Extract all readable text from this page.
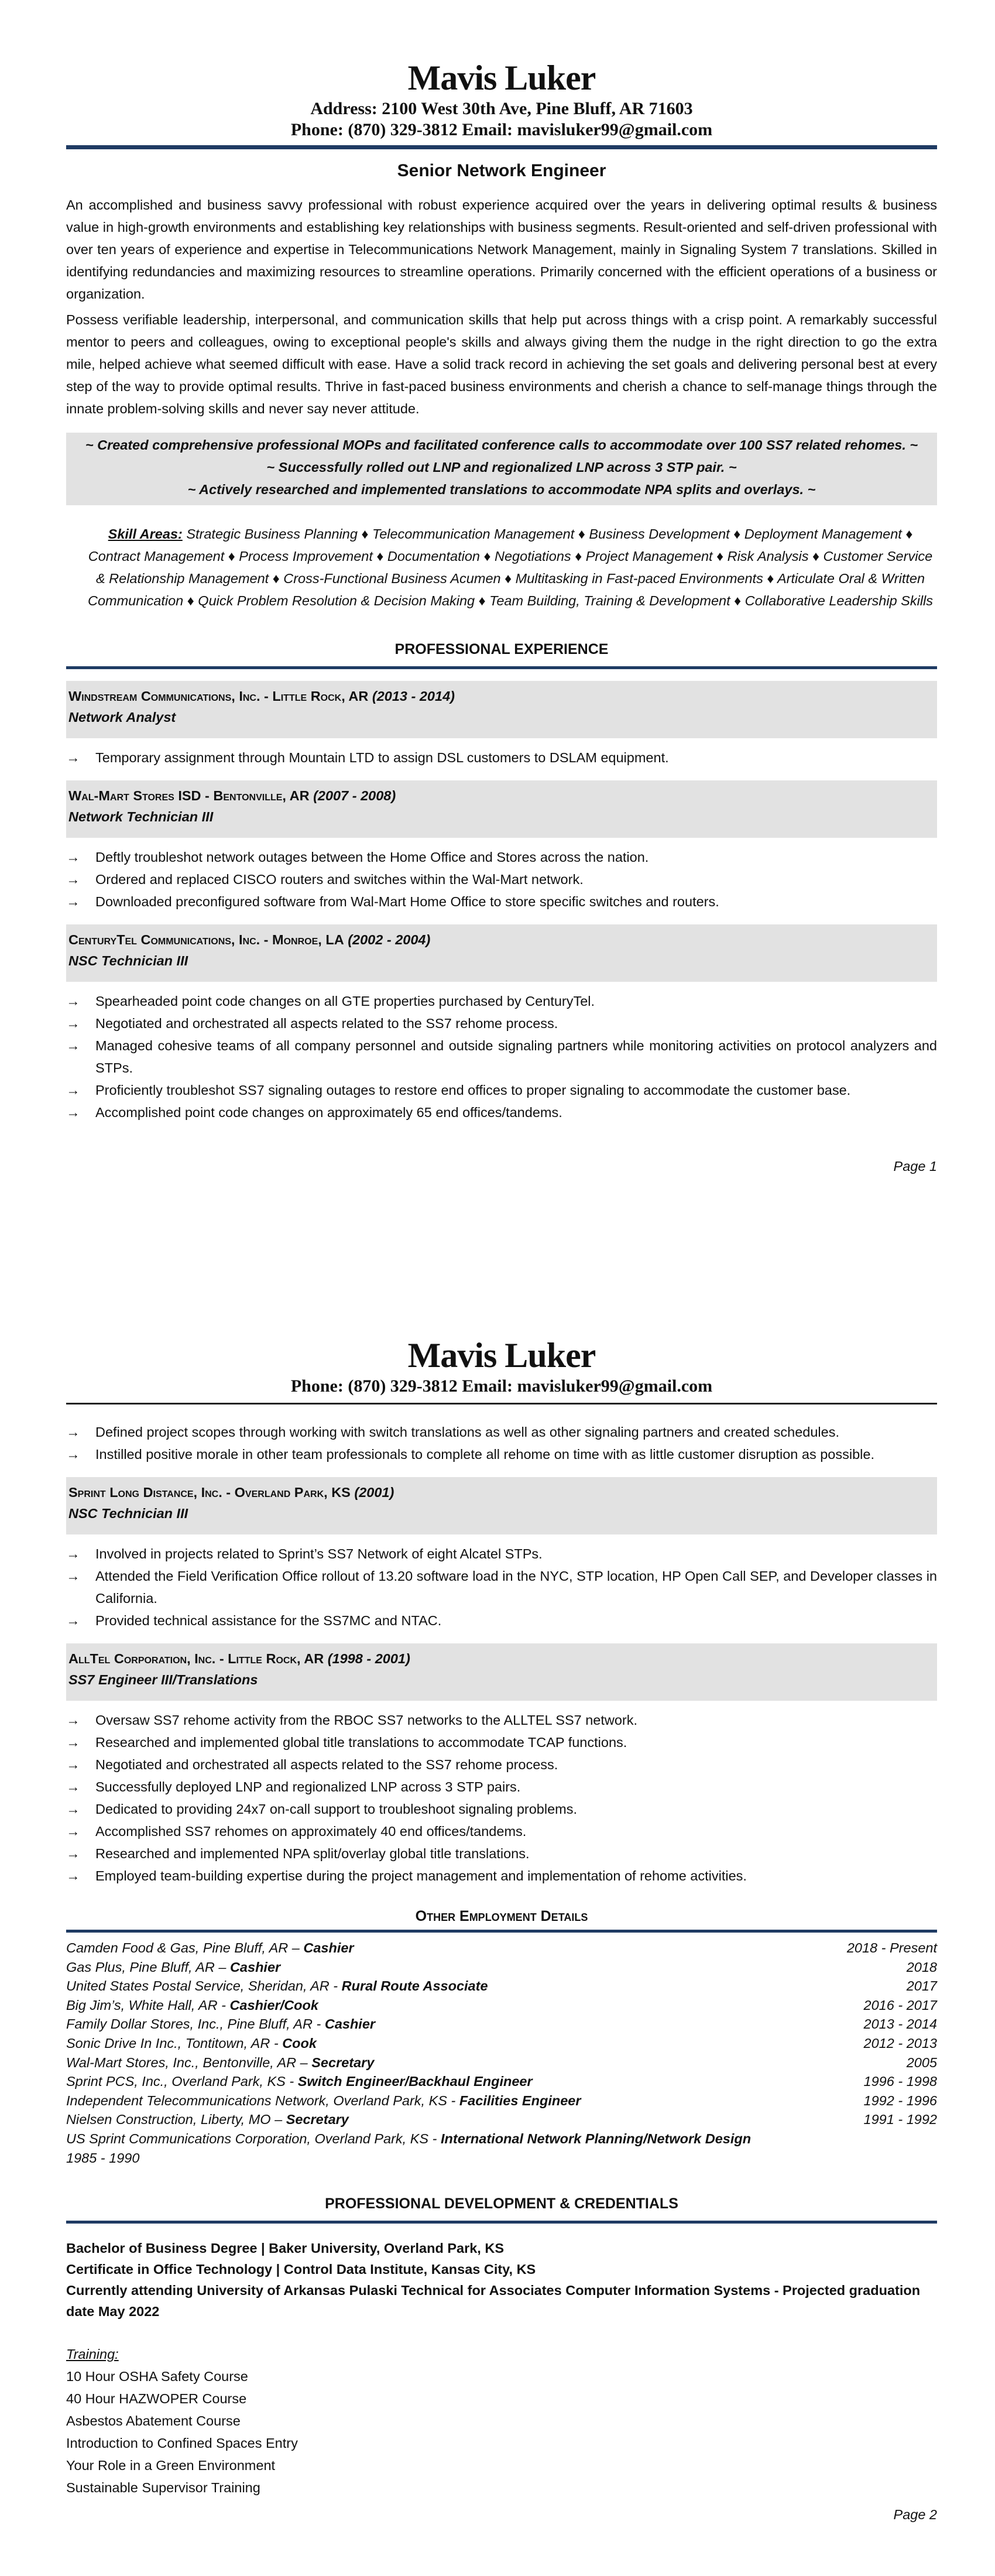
Mavis Luker
Address: 2100 West 30th Ave, Pine Bluff, AR 71603
Phone: (870) 329-3812 Email: mavisluker99@gmail.com
Senior Network Engineer

An accomplished and business savvy professional with robust experience acquired over the years in delivering optimal results & business value in high-growth environments and establishing key relationships with business segments. Result-oriented and self-driven professional with over ten years of experience and expertise in Telecommunications Network Management, mainly in Signaling System 7 translations. Skilled in identifying redundancies and maximizing resources to streamline operations. Primarily concerned with the efficient operations of a business or organization.

Possess verifiable leadership, interpersonal, and communication skills that help put across things with a crisp point. A remarkably successful mentor to peers and colleagues, owing to exceptional people's skills and always giving them the nudge in the right direction to go the extra mile, helped achieve what seemed difficult with ease. Have a solid track record in achieving the set goals and delivering personal best at every step of the way to provide optimal results. Thrive in fast-paced business environments and cherish a chance to self-manage things through the innate problem-solving skills and never say never attitude.

~ Created comprehensive professional MOPs and facilitated conference calls to accommodate over 100 SS7 related rehomes. ~
~ Successfully rolled out LNP and regionalized LNP across 3 STP pair. ~
~ Actively researched and implemented translations to accommodate NPA splits and overlays. ~
Skill Areas: Strategic Business Planning ♦ Telecommunication Management ♦ Business Development ♦ Deployment Management ♦ Contract Management ♦ Process Improvement ♦ Documentation ♦ Negotiations ♦ Project Management ♦ Risk Analysis ♦ Customer Service & Relationship Management ♦ Cross-Functional Business Acumen ♦ Multitasking in Fast-paced Environments ♦ Articulate Oral & Written Communication ♦ Quick Problem Resolution & Decision Making ♦ Team Building, Training & Development ♦ Collaborative Leadership Skills
PROFESSIONAL EXPERIENCE
Windstream Communications, Inc. - Little Rock, AR (2013 - 2014)
Network Analyst
→ Temporary assignment through Mountain LTD to assign DSL customers to DSLAM equipment.
Wal-Mart Stores ISD - Bentonville, AR (2007 - 2008)
Network Technician III
→ Deftly troubleshot network outages between the Home Office and Stores across the nation.
→ Ordered and replaced CISCO routers and switches within the Wal-Mart network.
→ Downloaded preconfigured software from Wal-Mart Home Office to store specific switches and routers.
CenturyTel Communications, Inc. - Monroe, LA (2002 - 2004)
NSC Technician III
→ Spearheaded point code changes on all GTE properties purchased by CenturyTel.
→ Negotiated and orchestrated all aspects related to the SS7 rehome process.
→ Managed cohesive teams of all company personnel and outside signaling partners while monitoring activities on protocol analyzers and STPs.
→ Proficiently troubleshot SS7 signaling outages to restore end offices to proper signaling to accommodate the customer base.
→ Accomplished point code changes on approximately 65 end offices/tandems.
Page 1
Mavis Luker
Phone: (870) 329-3812 Email: mavisluker99@gmail.com
→ Defined project scopes through working with switch translations as well as other signaling partners and created schedules.
→ Instilled positive morale in other team professionals to complete all rehome on time with as little customer disruption as possible.
Sprint Long Distance, Inc. - Overland Park, KS (2001)
NSC Technician III
→ Involved in projects related to Sprint’s SS7 Network of eight Alcatel STPs.
→ Attended the Field Verification Office rollout of 13.20 software load in the NYC, STP location, HP Open Call SEP, and Developer classes in California.
→ Provided technical assistance for the SS7MC and NTAC.
AllTel Corporation, Inc. - Little Rock, AR (1998 - 2001)
SS7 Engineer III/Translations
→ Oversaw SS7 rehome activity from the RBOC SS7 networks to the ALLTEL SS7 network.
→ Researched and implemented global title translations to accommodate TCAP functions.
→ Negotiated and orchestrated all aspects related to the SS7 rehome process.
→ Successfully deployed LNP and regionalized LNP across 3 STP pairs.
→ Dedicated to providing 24x7 on-call support to troubleshoot signaling problems.
→ Accomplished SS7 rehomes on approximately 40 end offices/tandems.
→ Researched and implemented NPA split/overlay global title translations.
→ Employed team-building expertise during the project management and implementation of rehome activities.
Other Employment Details
Camden Food & Gas, Pine Bluff, AR – Cashier	2018 - Present
Gas Plus, Pine Bluff, AR – Cashier	2018
United States Postal Service, Sheridan, AR - Rural Route Associate	2017
Big Jim’s, White Hall, AR - Cashier/Cook	2016 - 2017
Family Dollar Stores, Inc., Pine Bluff, AR - Cashier	2013 - 2014
Sonic Drive In Inc., Tontitown, AR - Cook	2012 - 2013
Wal-Mart Stores, Inc., Bentonville, AR – Secretary	2005
Sprint PCS, Inc., Overland Park, KS - Switch Engineer/Backhaul Engineer	1996 - 1998
Independent Telecommunications Network, Overland Park, KS - Facilities Engineer	1992 - 1996
Nielsen Construction, Liberty, MO – Secretary	1991 - 1992
US Sprint Communications Corporation, Overland Park, KS - International Network Planning/Network Design
1985 - 1990
PROFESSIONAL DEVELOPMENT & CREDENTIALS
Bachelor of Business Degree | Baker University, Overland Park, KS
Certificate in Office Technology | Control Data Institute, Kansas City, KS
Currently attending University of Arkansas Pulaski Technical for Associates Computer Information Systems - Projected graduation date May 2022
Training:
10 Hour OSHA Safety Course
40 Hour HAZWOPER Course
Asbestos Abatement Course
Introduction to Confined Spaces Entry
Your Role in a Green Environment
Sustainable Supervisor Training
Page 2
